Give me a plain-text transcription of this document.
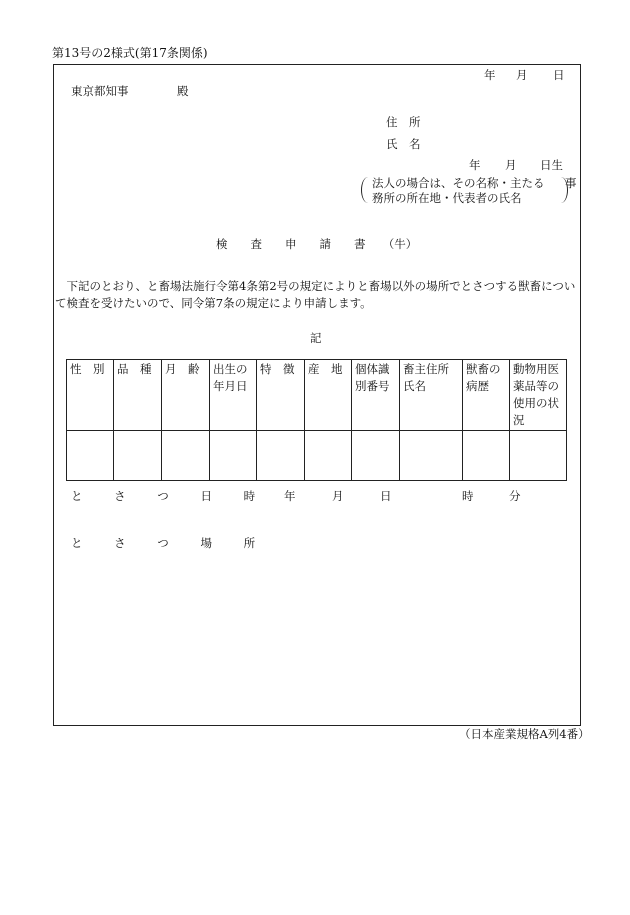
第13号の2様式(第17条関係)
年 月 日
東京都知事	殿
住　所
氏　名
年 月 日生
法人の場合は、その名称・主たる 事
務所の所在地・代表者の氏名
検　　査　　申　　請　　書　　（牛）
　下記のとおり、と畜場法施行令第4条第2号の規定によりと畜場以外の場所でとさつする獣畜について検査を受けたいので、同令第7条の規定により申請します。
記
性　別	品　種	月　齢	出生の年月日	特　徴	産　地	個体識別番号	畜主住所氏名	獣畜の病歴	動物用医薬品等の使用の状況

と さ つ 日 時 年	月	日	時	分
と さ つ 場 所
（日本産業規格A列4番）
